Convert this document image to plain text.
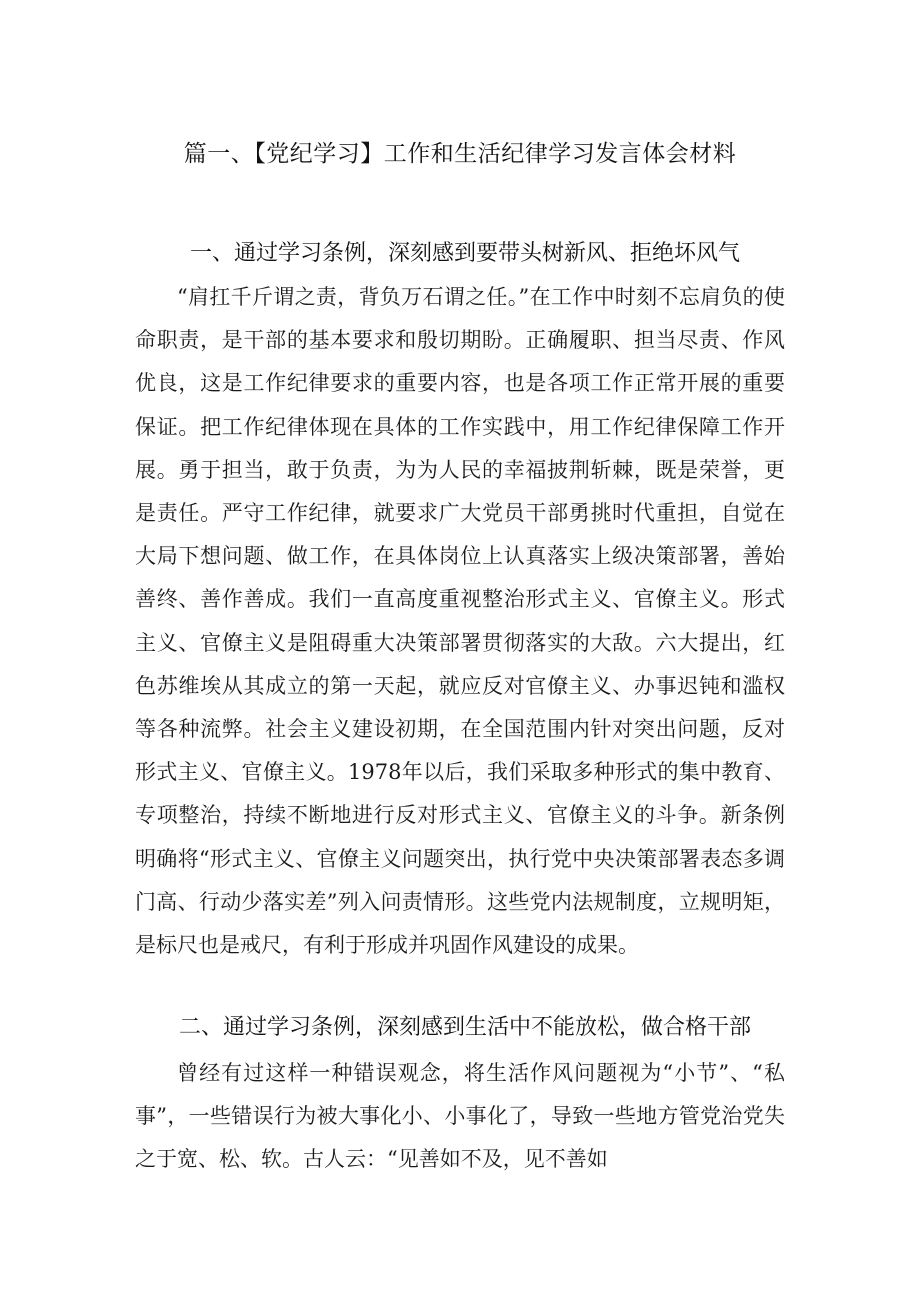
篇一、【党纪学习】工作和生活纪律学习发言体会材料
一、通过学习条例，深刻感到要带头树新风、拒绝坏风气

“肩扛千斤谓之责，背负万石谓之任。”在工作中时刻不忘肩负的使命职责，是干部的基本要求和殷切期盼。正确履职、担当尽责、作风优良，这是工作纪律要求的重要内容，也是各项工作正常开展的重要保证。把工作纪律体现在具体的工作实践中，用工作纪律保障工作开展。勇于担当，敢于负责，为为人民的幸福披荆斩棘，既是荣誉，更是责任。严守工作纪律，就要求广大党员干部勇挑时代重担，自觉在大局下想问题、做工作，在具体岗位上认真落实上级决策部署，善始善终、善作善成。我们一直高度重视整治形式主义、官僚主义。形式主义、官僚主义是阻碍重大决策部署贯彻落实的大敌。六大提出，红色苏维埃从其成立的第一天起，就应反对官僚主义、办事迟钝和滥权等各种流弊。社会主义建设初期，在全国范围内针对突出问题，反对形式主义、官僚主义。1978年以后，我们采取多种形式的集中教育、专项整治，持续不断地进行反对形式主义、官僚主义的斗争。新条例明确将“形式主义、官僚主义问题突出，执行党中央决策部署表态多调门高、行动少落实差”列入问责情形。这些党内法规制度，立规明矩，是标尺也是戒尺，有利于形成并巩固作风建设的成果。

二、通过学习条例，深刻感到生活中不能放松，做合格干部

曾经有过这样一种错误观念，将生活作风问题视为“小节”、“私事”，一些错误行为被大事化小、小事化了，导致一些地方管党治党失之于宽、松、软。古人云：“见善如不及，见不善如
